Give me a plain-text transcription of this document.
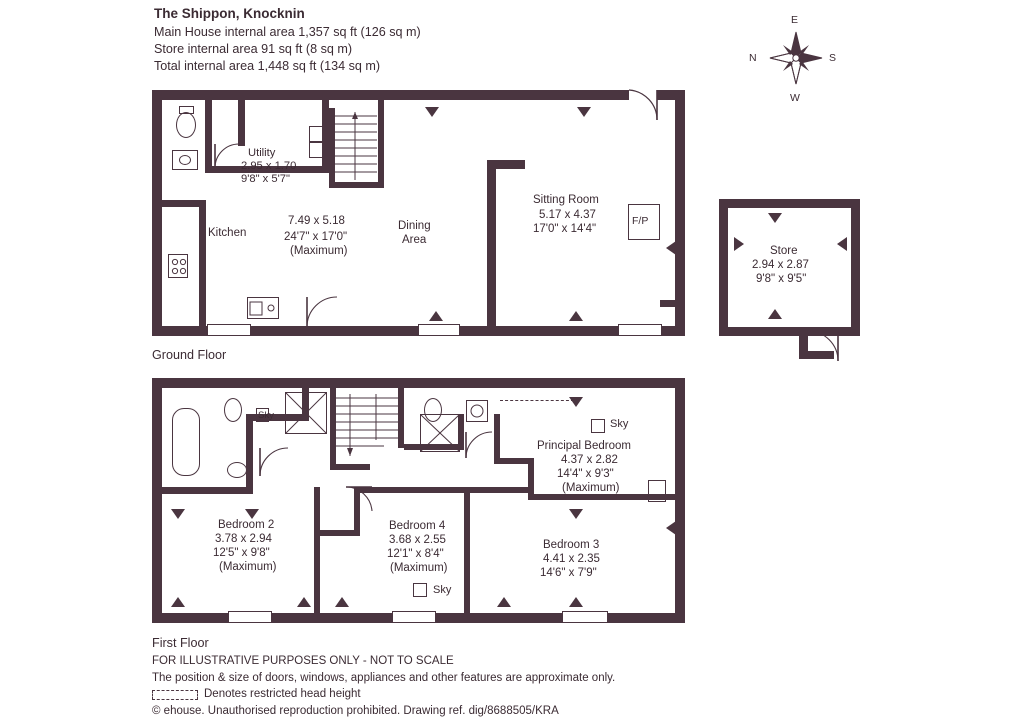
The Shippon, Knocknin
Main House internal area 1,357 sq ft (126 sq m)
Store internal area 91 sq ft (8 sq m)
Total internal area 1,448 sq ft (134 sq m)
E
N	S
W
F/P
Utility
2.95 x 1.70
9'8" x 5'7"
Kitchen
7.49 x 5.18
24'7" x 17'0"
(Maximum)
Dining
Area
Sitting Room
5.17 x 4.37
17'0" x 14'4"
Store
2.94 x 2.87
9'8" x 9'5"
Ground Floor
Sky
Sky
Sky
Principal Bedroom
4.37 x 2.82
14'4" x 9'3"
(Maximum)
Bedroom 2
3.78 x 2.94
12'5" x 9'8"
(Maximum)
Bedroom 4
3.68 x 2.55
12'1" x 8'4"
(Maximum)
Bedroom 3
4.41 x 2.35
14'6" x 7'9"
First Floor
FOR ILLUSTRATIVE PURPOSES ONLY - NOT TO SCALE
The position & size of doors, windows, appliances and other features are approximate only.
Denotes restricted head height
© ehouse. Unauthorised reproduction prohibited. Drawing ref. dig/8688505/KRA
